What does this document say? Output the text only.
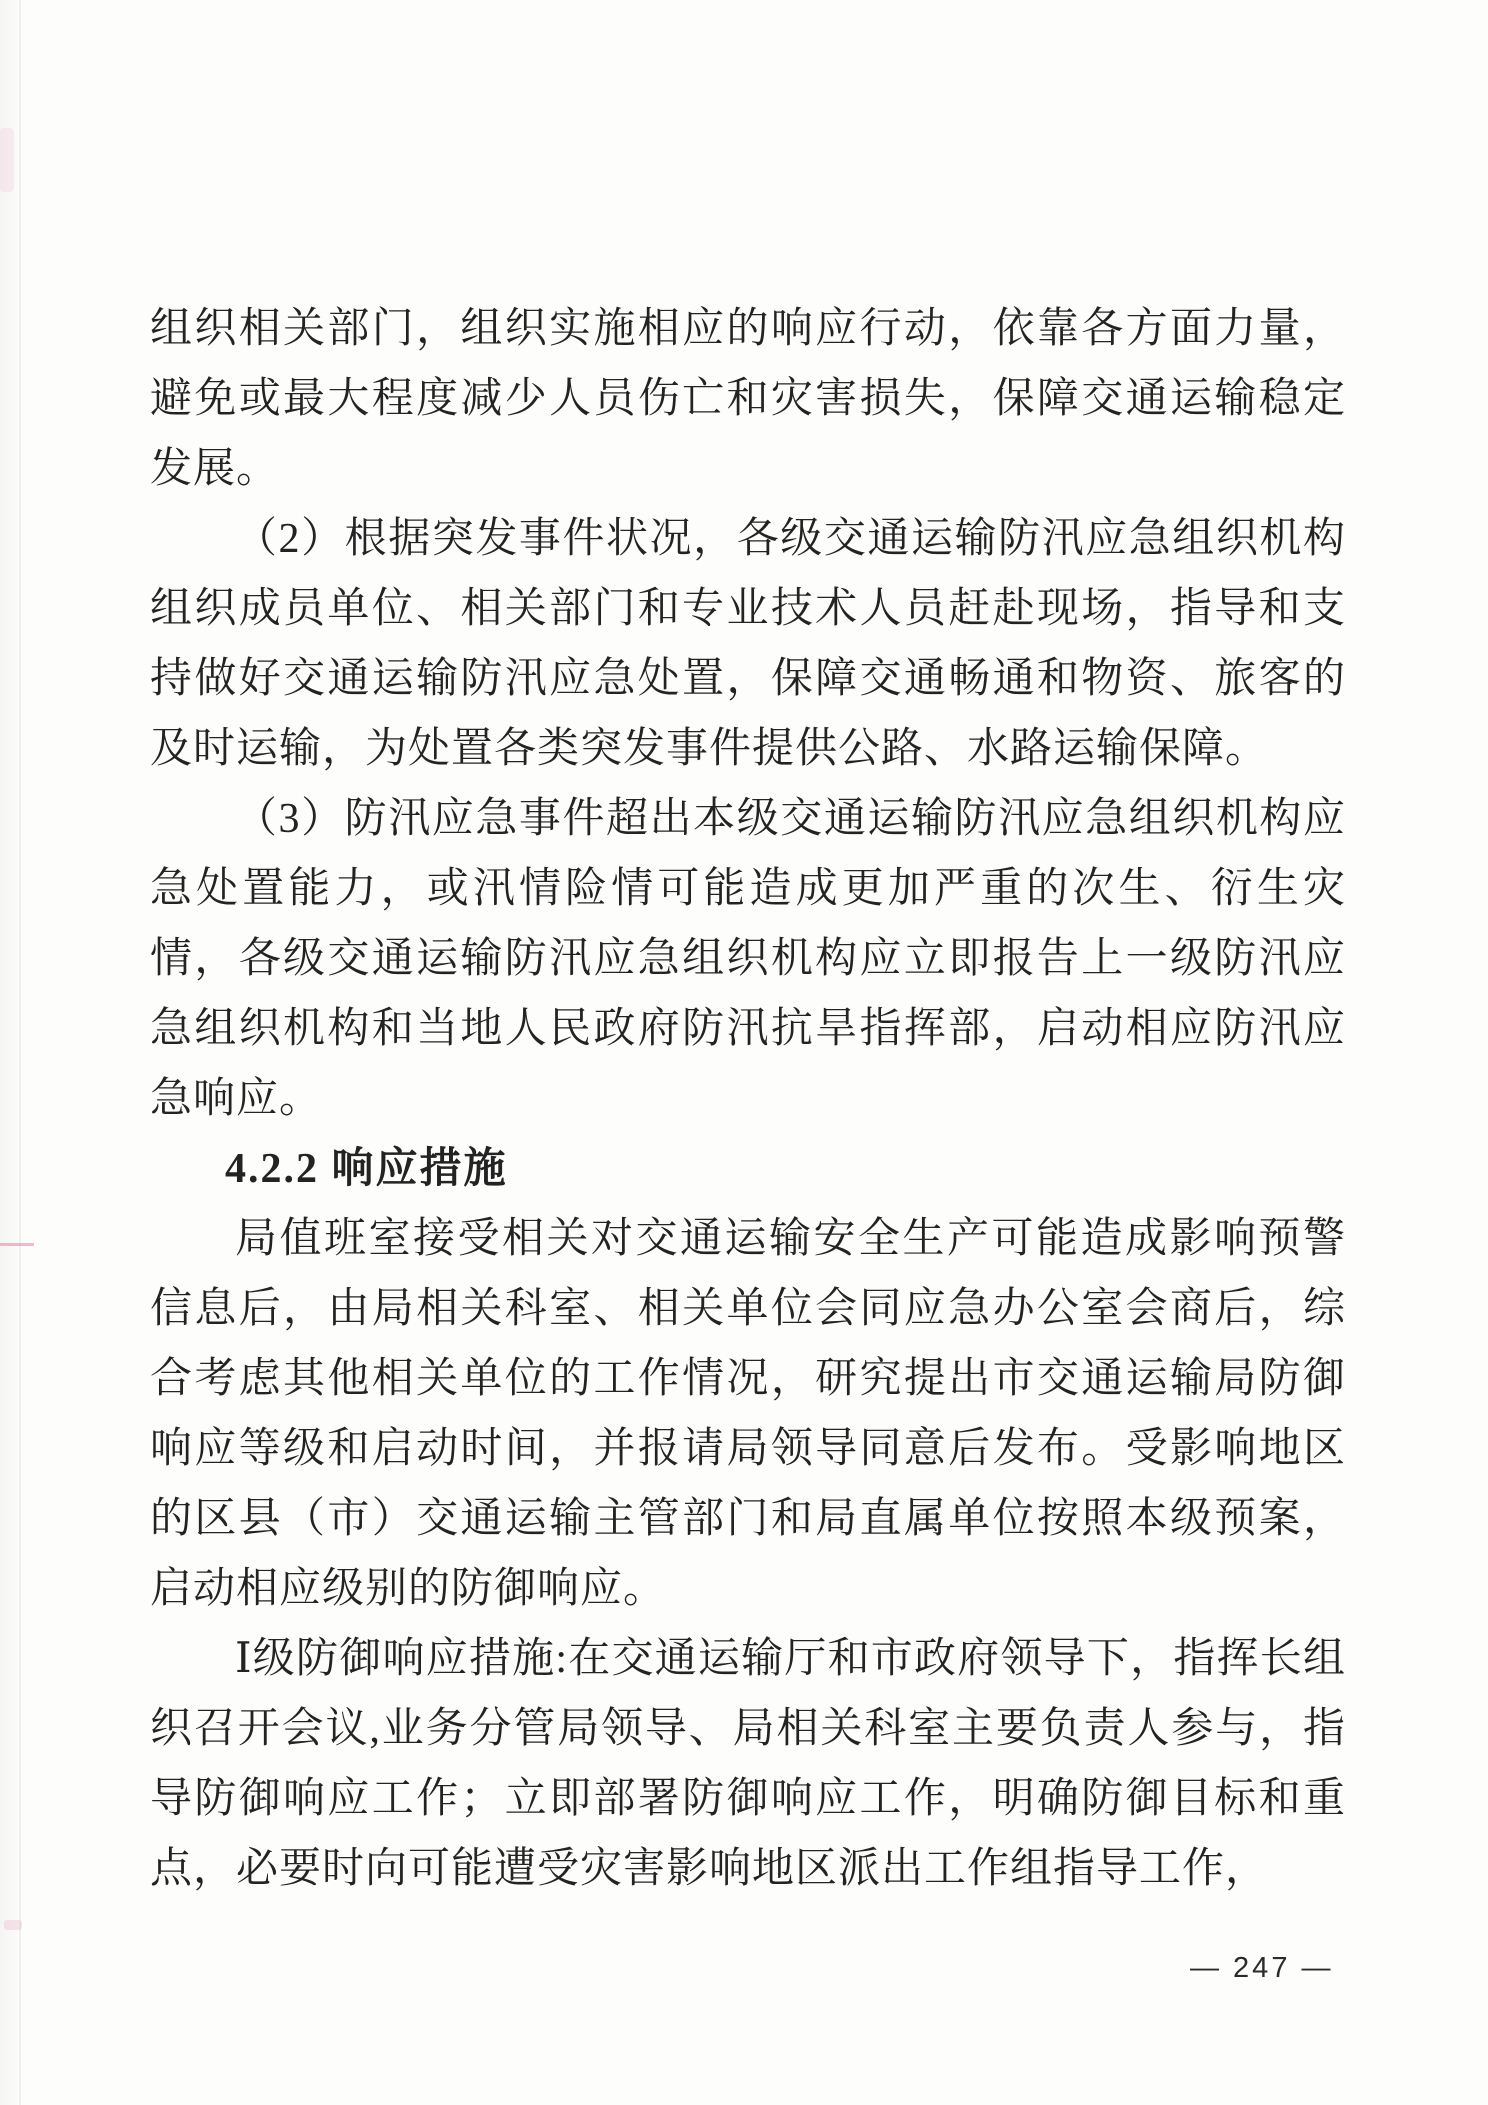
组织相关部门，组织实施相应的响应行动，依靠各方面力量，避免或最大程度减少人员伤亡和灾害损失，保障交通运输稳定发展。

（2）根据突发事件状况，各级交通运输防汛应急组织机构组织成员单位、相关部门和专业技术人员赶赴现场，指导和支持做好交通运输防汛应急处置，保障交通畅通和物资、旅客的及时运输，为处置各类突发事件提供公路、水路运输保障。

（3）防汛应急事件超出本级交通运输防汛应急组织机构应急处置能力，或汛情险情可能造成更加严重的次生、衍生灾情，各级交通运输防汛应急组织机构应立即报告上一级防汛应急组织机构和当地人民政府防汛抗旱指挥部，启动相应防汛应急响应。

4.2.2 响应措施

局值班室接受相关对交通运输安全生产可能造成影响预警信息后，由局相关科室、相关单位会同应急办公室会商后，综合考虑其他相关单位的工作情况，研究提出市交通运输局防御响应等级和启动时间，并报请局领导同意后发布。受影响地区的区县（市）交通运输主管部门和局直属单位按照本级预案，启动相应级别的防御响应。

Ⅰ级防御响应措施:在交通运输厅和市政府领导下，指挥长组织召开会议,业务分管局领导、局相关科室主要负责人参与，指导防御响应工作；立即部署防御响应工作，明确防御目标和重点，必要时向可能遭受灾害影响地区派出工作组指导工作，

— 247 —
